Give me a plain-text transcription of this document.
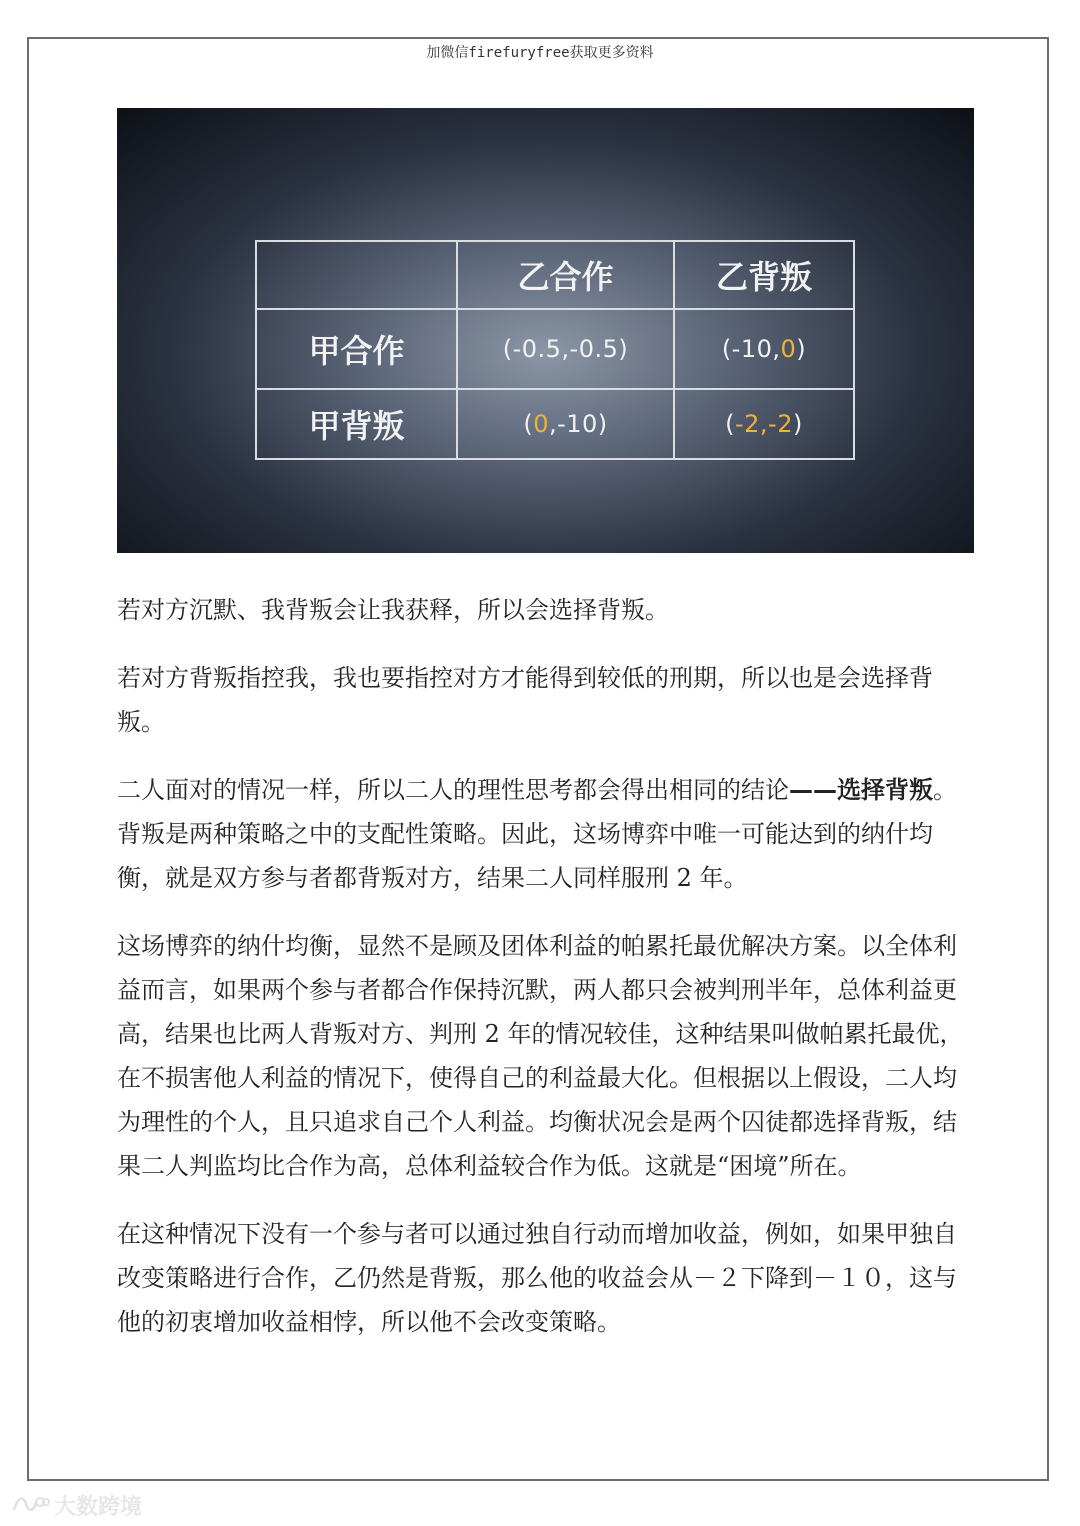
加微信firefuryfree获取更多资料
	乙合作	乙背叛
甲合作	(-0.5,-0.5)	(-10,0)
甲背叛	(0,-10)	(-2,-2)

若对方沉默、我背叛会让我获释，所以会选择背叛。

若对方背叛指控我，我也要指控对方才能得到较低的刑期，所以也是会选择背叛。

二人面对的情况一样，所以二人的理性思考都会得出相同的结论——选择背叛。背叛是两种策略之中的支配性策略。因此，这场博弈中唯一可能达到的纳什均衡，就是双方参与者都背叛对方，结果二人同样服刑 2 年。

这场博弈的纳什均衡，显然不是顾及团体利益的帕累托最优解决方案。以全体利益而言，如果两个参与者都合作保持沉默，两人都只会被判刑半年，总体利益更高，结果也比两人背叛对方、判刑 2 年的情况较佳，这种结果叫做帕累托最优，在不损害他人利益的情况下，使得自己的利益最大化。但根据以上假设，二人均为理性的个人，且只追求自己个人利益。均衡状况会是两个囚徒都选择背叛，结果二人判监均比合作为高，总体利益较合作为低。这就是“困境”所在。

在这种情况下没有一个参与者可以通过独自行动而增加收益，例如，如果甲独自改变策略进行合作，乙仍然是背叛，那么他的收益会从－２下降到－１０，这与他的初衷增加收益相悖，所以他不会改变策略。

大数跨境
